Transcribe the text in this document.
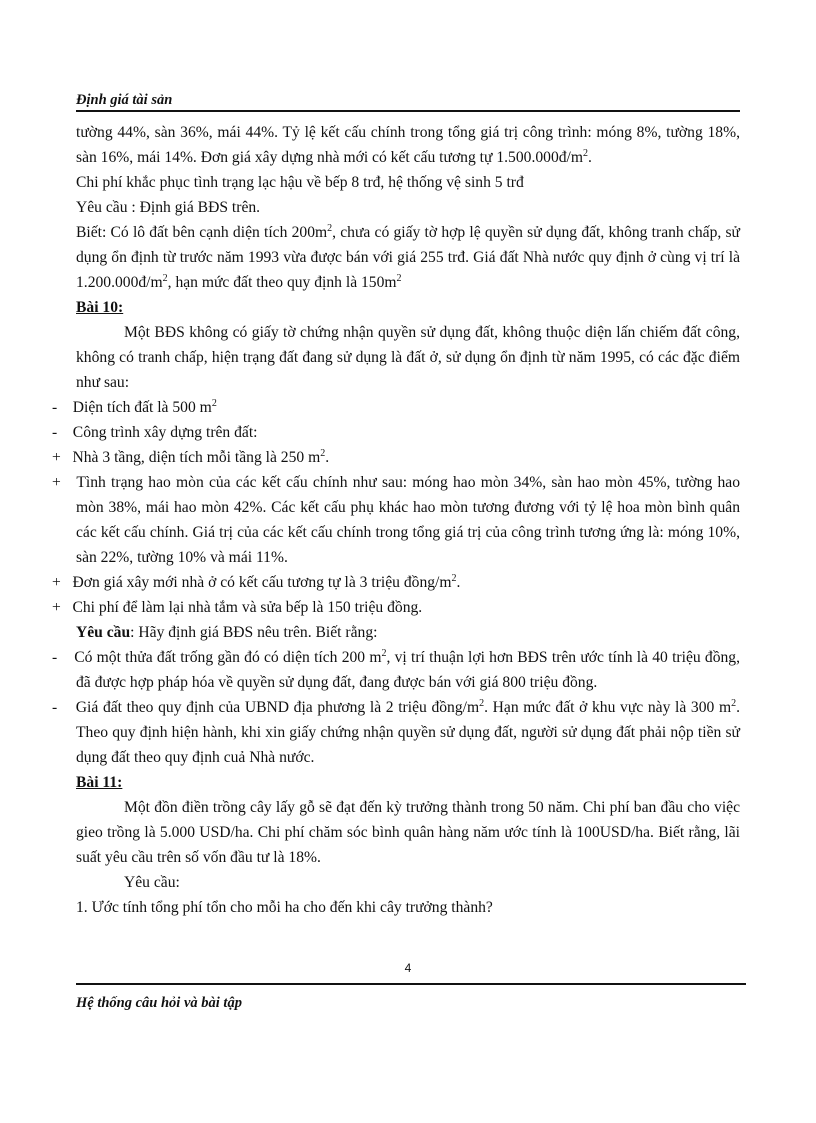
Định giá tài sản

tường 44%, sàn 36%, mái 44%. Tỷ lệ kết cấu chính trong tổng giá trị công trình: móng 8%, tường 18%, sàn 16%, mái 14%. Đơn giá xây dựng nhà mới có kết cấu tương tự $1.500.000đ/m^2$.

Chi phí khắc phục tình trạng lạc hậu về bếp 8 trđ, hệ thống vệ sinh 5 trđ

Yêu cầu : Định giá BĐS trên.

Biết: Có lô đất bên cạnh diện tích $200m^2$, chưa có giấy tờ hợp lệ quyền sử dụng đất, không tranh chấp, sử dụng ổn định từ trước năm 1993 vừa được bán với giá 255 trđ. Giá đất Nhà nước quy định ở cùng vị trí là $1.200.000đ/m^2$, hạn mức đất theo quy định là $150m^2$

Bài 10:

Một BĐS không có giấy tờ chứng nhận quyền sử dụng đất, không thuộc diện lấn chiếm đất công, không có tranh chấp, hiện trạng đất đang sử dụng là đất ở, sử dụng ổn định từ năm 1995, có các đặc điểm như sau:

-    Diện tích đất là 500 $m^2$

-    Công trình xây dựng trên đất:

+   Nhà 3 tầng, diện tích mỗi tầng là 250 $m^2$.

+   Tình trạng hao mòn của các kết cấu chính như sau: móng hao mòn 34%, sàn hao mòn 45%, tường hao mòn 38%, mái hao mòn 42%. Các kết cấu phụ khác hao mòn tương đương với tỷ lệ hoa mòn bình quân các kết cấu chính. Giá trị của các kết cấu chính trong tổng giá trị của công trình tương ứng là: móng 10%, sàn 22%, tường 10% và mái 11%.

+   Đơn giá xây mới nhà ở có kết cấu tương tự là 3 triệu đồng/$m^2$.

+   Chi phí để làm lại nhà tắm và sửa bếp là 150 triệu đồng.

Yêu cầu: Hãy định giá BĐS nêu trên. Biết rằng:

-    Có một thửa đất trống gần đó có diện tích 200 $m^2$, vị trí thuận lợi hơn BĐS trên ước tính là 40 triệu đồng, đã được hợp pháp hóa về quyền sử dụng đất, đang được bán với giá 800 triệu đồng.

-    Giá đất theo quy định của UBND địa phương là 2 triệu đồng/$m^2$. Hạn mức đất ở khu vực này là 300 $m^2$. Theo quy định hiện hành, khi xin giấy chứng nhận quyền sử dụng đất, người sử dụng đất phải nộp tiền sử dụng đất theo quy định cuả Nhà nước.

Bài 11:

Một đồn điền trồng cây lấy gỗ sẽ đạt đến kỳ trưởng thành trong 50 năm. Chi phí ban đầu cho việc gieo trồng là 5.000 USD/ha. Chi phí chăm sóc bình quân hàng năm ước tính là 100USD/ha. Biết rằng, lãi suất yêu cầu trên số vốn đầu tư là 18%.

Yêu cầu:

1. Ước tính tổng phí tổn cho mỗi ha cho đến khi cây trưởng thành?

4
Hệ thống câu hỏi và bài tập
